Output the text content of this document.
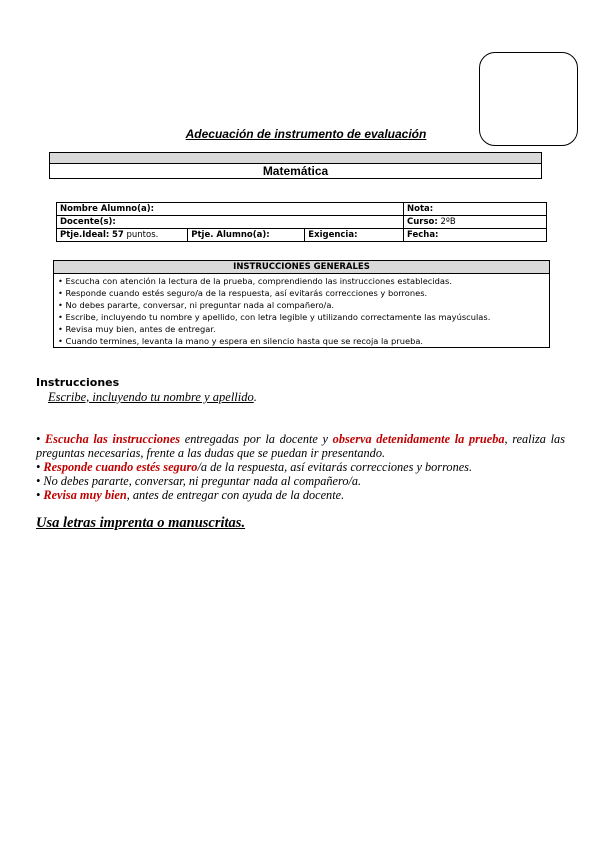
Adecuación de instrumento de evaluación
Matemática
Nombre Alumno(a):			Nota:
Docente(s):			Curso: 2ºB
Ptje.Ideal: 57 puntos.	Ptje. Alumno(a):	Exigencia:	Fecha:
INSTRUCCIONES GENERALES
• Escucha con atención la lectura de la prueba, comprendiendo las instrucciones establecidas.
• Responde cuando estés seguro/a de la respuesta, así evitarás correcciones y borrones.
• No debes pararte, conversar, ni preguntar nada al compañero/a.
• Escribe, incluyendo tu nombre y apellido, con letra legible y utilizando correctamente las mayúsculas.
• Revisa muy bien, antes de entregar.
• Cuando termines, levanta la mano y espera en silencio hasta que se recoja la prueba.
Instrucciones
Escribe, incluyendo tu nombre y apellido.

• Escucha las instrucciones entregadas por la docente y observa detenidamente la prueba, realiza las preguntas necesarias, frente a las dudas que se puedan ir presentando.

• Responde cuando estés seguro/a de la respuesta, así evitarás correcciones y borrones.

• No debes pararte, conversar, ni preguntar nada al compañero/a.

• Revisa muy bien, antes de entregar con ayuda de la docente.

Usa letras imprenta o manuscritas.
